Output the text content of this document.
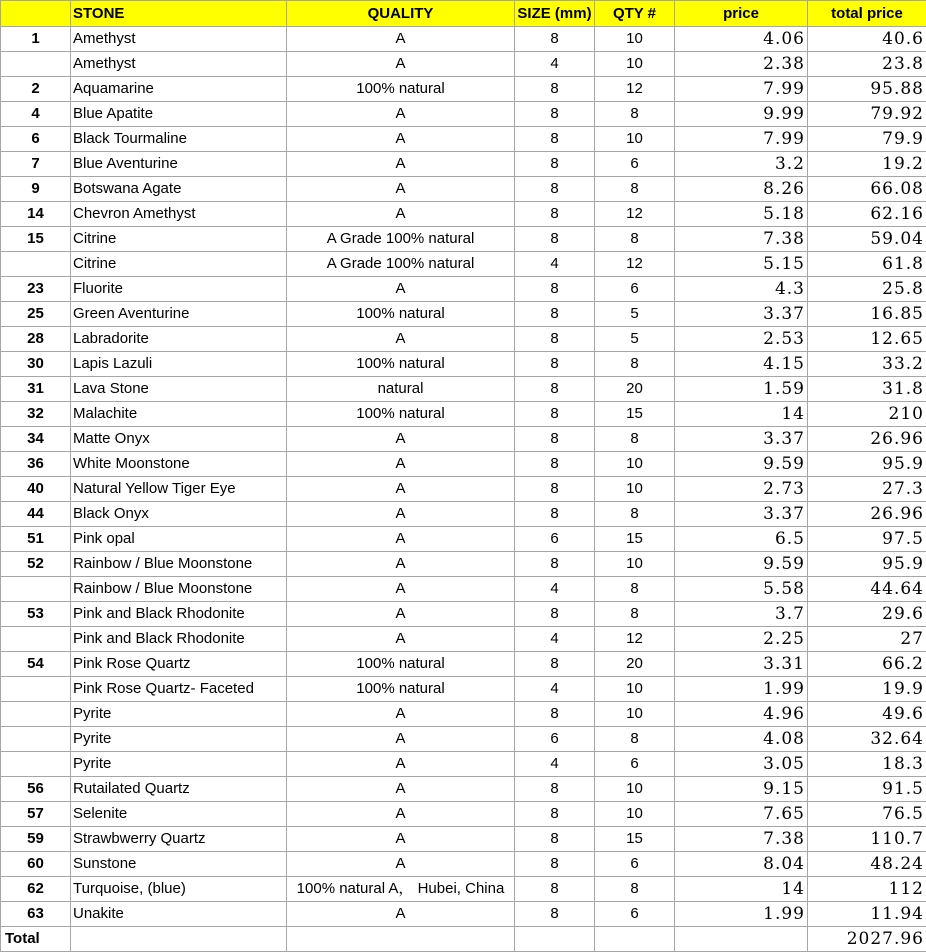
	STONE	QUALITY	SIZE (mm)	QTY #	price	total price
1	Amethyst	A	8	10	4.06	40.6
	Amethyst	A	4	10	2.38	23.8
2	Aquamarine	100% natural	8	12	7.99	95.88
4	Blue Apatite	A	8	8	9.99	79.92
6	Black Tourmaline	A	8	10	7.99	79.9
7	Blue Aventurine	A	8	6	3.2	19.2
9	Botswana Agate	A	8	8	8.26	66.08
14	Chevron Amethyst	A	8	12	5.18	62.16
15	Citrine	A Grade 100% natural	8	8	7.38	59.04
	Citrine	A Grade 100% natural	4	12	5.15	61.8
23	Fluorite	A	8	6	4.3	25.8
25	Green Aventurine	100% natural	8	5	3.37	16.85
28	Labradorite	A	8	5	2.53	12.65
30	Lapis Lazuli	100% natural	8	8	4.15	33.2
31	Lava Stone	natural	8	20	1.59	31.8
32	Malachite	100% natural	8	15	14	210
34	Matte Onyx	A	8	8	3.37	26.96
36	White Moonstone	A	8	10	9.59	95.9
40	Natural Yellow Tiger Eye	A	8	10	2.73	27.3
44	Black Onyx	A	8	8	3.37	26.96
51	Pink opal	A	6	15	6.5	97.5
52	Rainbow / Blue Moonstone	A	8	10	9.59	95.9
	Rainbow / Blue Moonstone	A	4	8	5.58	44.64
53	Pink and Black Rhodonite	A	8	8	3.7	29.6
	Pink and Black Rhodonite	A	4	12	2.25	27
54	Pink Rose Quartz	100% natural	8	20	3.31	66.2
	Pink Rose Quartz- Faceted	100% natural	4	10	1.99	19.9
	Pyrite	A	8	10	4.96	49.6
	Pyrite	A	6	8	4.08	32.64
	Pyrite	A	4	6	3.05	18.3
56	Rutailated Quartz	A	8	10	9.15	91.5
57	Selenite	A	8	10	7.65	76.5
59	Strawbwerry Quartz	A	8	15	7.38	110.7
60	Sunstone	A	8	6	8.04	48.24
62	Turquoise, (blue)	100% natural A， Hubei, China	8	8	14	112
63	Unakite	A	8	6	1.99	11.94
Total						2027.96
